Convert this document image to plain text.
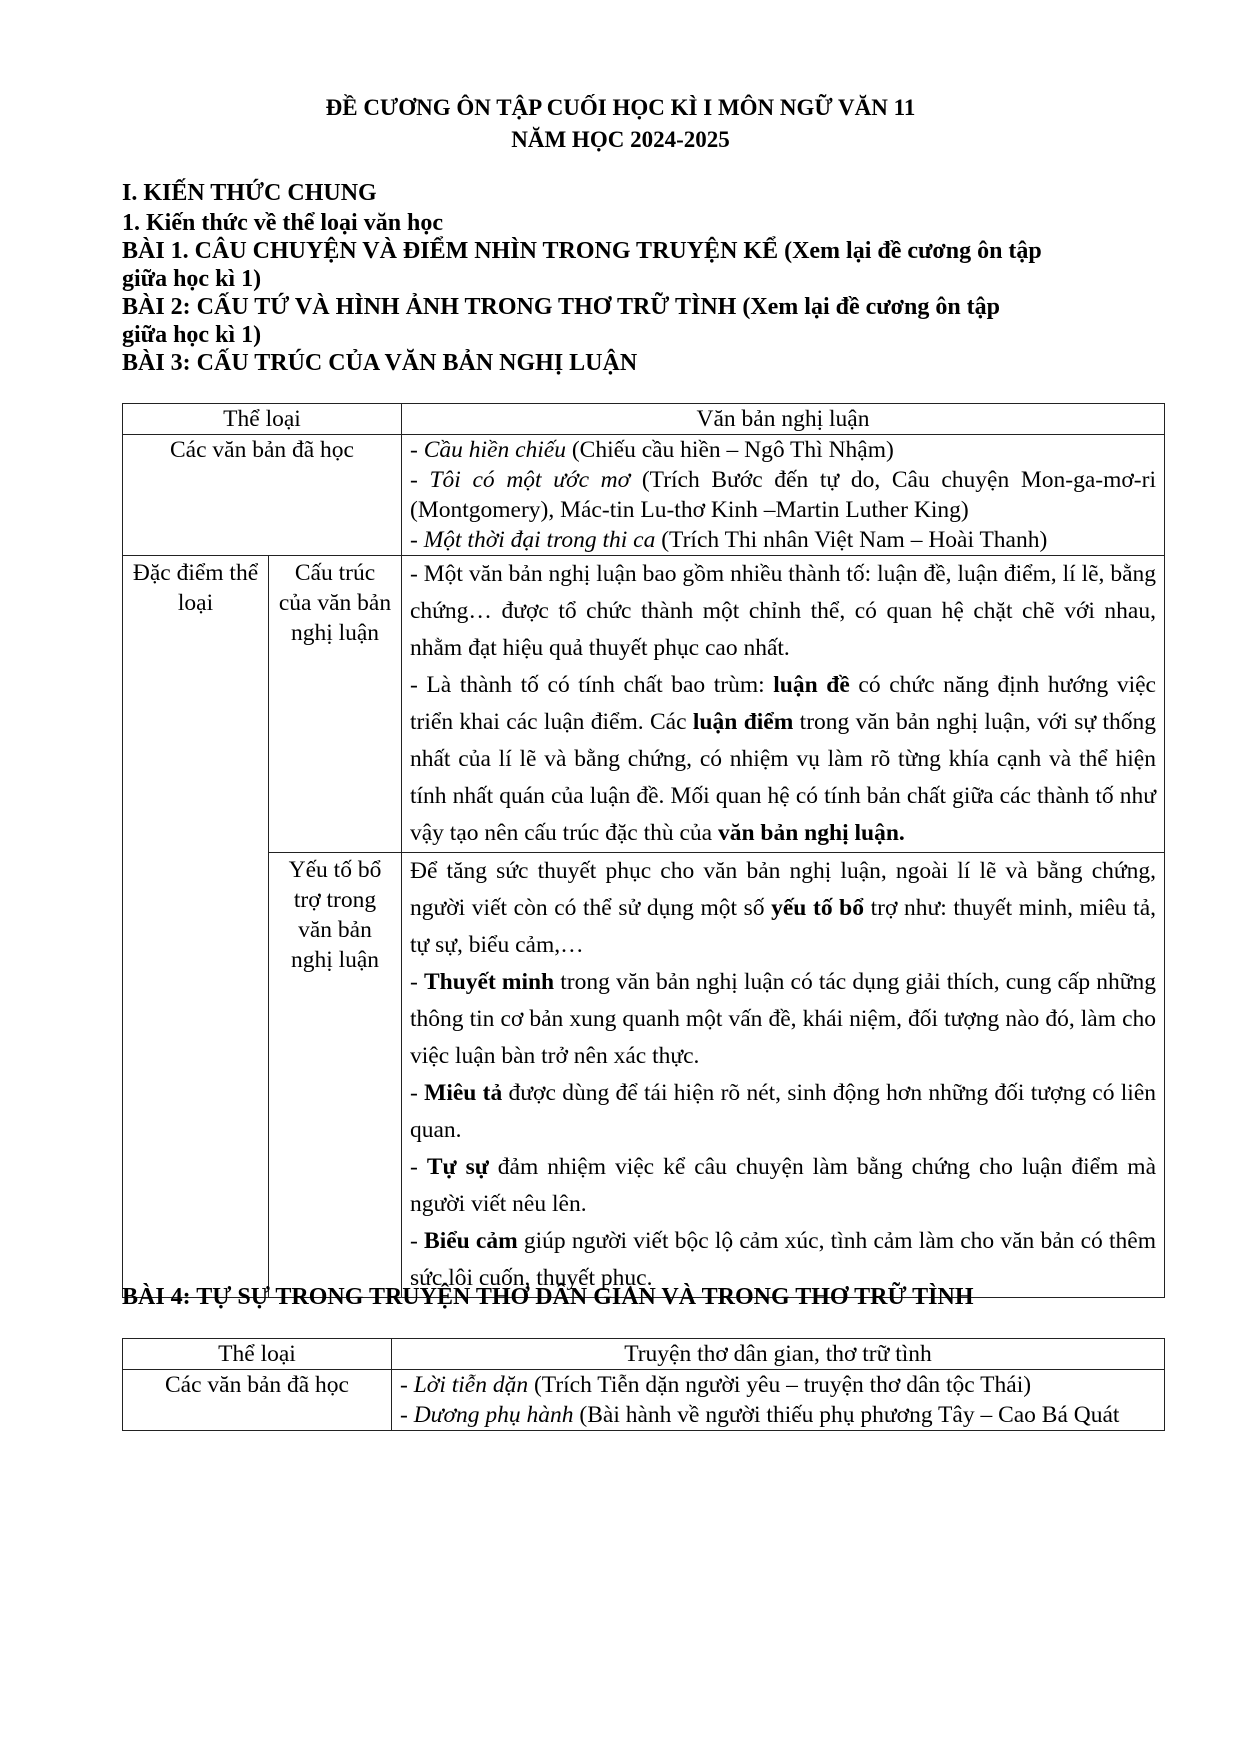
ĐỀ CƯƠNG ÔN TẬP CUỐI HỌC KÌ I MÔN NGỮ VĂN 11
NĂM HỌC 2024-2025
I. KIẾN THỨC CHUNG
1. Kiến thức về thể loại văn học
BÀI 1. CÂU CHUYỆN VÀ ĐIỂM NHÌN TRONG TRUYỆN KỂ (Xem lại đề cương ôn tập
giữa học kì 1)
BÀI 2: CẤU TỨ VÀ HÌNH ẢNH TRONG THƠ TRỮ TÌNH (Xem lại đề cương ôn tập
giữa học kì 1)
BÀI 3: CẤU TRÚC CỦA VĂN BẢN NGHỊ LUẬN
Thể loại		Văn bản nghị luận
Các văn bản đã học		- Cầu hiền chiếu (Chiếu cầu hiền – Ngô Thì Nhậm)
- Tôi có một ước mơ (Trích Bước đến tự do, Câu chuyện Mon-ga-mơ-ri (Montgomery), Mác-tin Lu-thơ Kinh –Martin Luther King)
- Một thời đại trong thi ca (Trích Thi nhân Việt Nam – Hoài Thanh)

Đặc điểm thể loại	Cấu trúc của văn bản nghị luận	- Một văn bản nghị luận bao gồm nhiều thành tố: luận đề, luận điểm, lí lẽ, bằng chứng… được tổ chức thành một chỉnh thể, có quan hệ chặt chẽ với nhau, nhằm đạt hiệu quả thuyết phục cao nhất.
- Là thành tố có tính chất bao trùm: luận đề có chức năng định hướng việc triển khai các luận điểm. Các luận điểm trong văn bản nghị luận, với sự thống nhất của lí lẽ và bằng chứng, có nhiệm vụ làm rõ từng khía cạnh và thể hiện tính nhất quán của luận đề. Mối quan hệ có tính bản chất giữa các thành tố như vậy tạo nên cấu trúc đặc thù của văn bản nghị luận.

	Yếu tố bổ trợ trong văn bản nghị luận	Để tăng sức thuyết phục cho văn bản nghị luận, ngoài lí lẽ và bằng chứng, người viết còn có thể sử dụng một số yếu tố bổ trợ như: thuyết minh, miêu tả, tự sự, biểu cảm,…
- Thuyết minh trong văn bản nghị luận có tác dụng giải thích, cung cấp những thông tin cơ bản xung quanh một vấn đề, khái niệm, đối tượng nào đó, làm cho việc luận bàn trở nên xác thực.
- Miêu tả được dùng để tái hiện rõ nét, sinh động hơn những đối tượng có liên quan.
- Tự sự đảm nhiệm việc kể câu chuyện làm bằng chứng cho luận điểm mà người viết nêu lên.
- Biểu cảm giúp người viết bộc lộ cảm xúc, tình cảm làm cho văn bản có thêm sức lôi cuốn, thuyết phục.
BÀI 4: TỰ SỰ TRONG TRUYỆN THƠ DÂN GIAN VÀ TRONG THƠ TRỮ TÌNH
Thể loại	Truyện thơ dân gian, thơ trữ tình
Các văn bản đã học	- Lời tiễn dặn (Trích Tiễn dặn người yêu – truyện thơ dân tộc Thái)
- Dương phụ hành (Bài hành về người thiếu phụ phương Tây – Cao Bá Quát
